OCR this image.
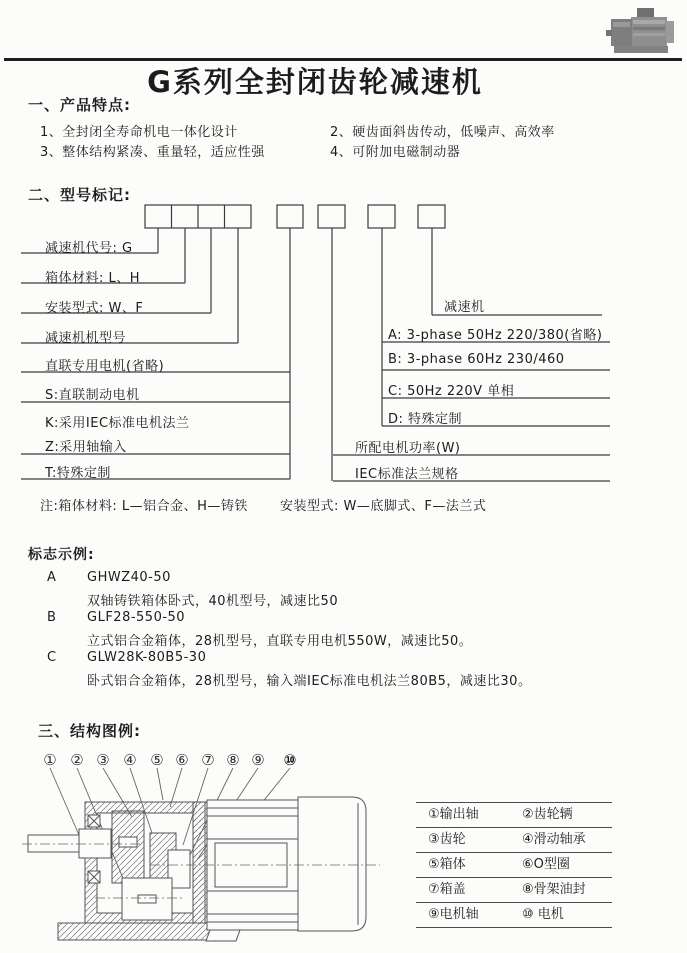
G系列全封闭齿轮减速机
一、产品特点:
1、全封闭全寿命机电一体化设计	2、硬齿面斜齿传动，低噪声、高效率
3、整体结构紧凑、重量轻，适应性强	4、可附加电磁制动器
二、型号标记:
减速机代号: G
箱体材料: L、H
安装型式: W、F
减速机机型号
直联专用电机(省略)
S:直联制动电机
K:采用IEC标准电机法兰
Z:采用轴输入
T:特殊定制
减速机
A: 3-phase 50Hz 220/380(省略)
B: 3-phase 60Hz 230/460
C: 50Hz 220V 单相
D: 特殊定制
所配电机功率(W)
IEC标准法兰规格
注:箱体材料: L—铝合金、H—铸铁 安装型式: W—底脚式、F—法兰式
标志示例:
A GHWZ40-50
双轴铸铁箱体卧式，40机型号，减速比50
B GLF28-550-50
立式铝合金箱体，28机型号，直联专用电机550W，减速比50。
C GLW28K-80B5-30
卧式铝合金箱体，28机型号，输入端IEC标准电机法兰80B5，减速比30。
三、结构图例:
① ② ③ ④ ⑤ ⑥ ⑦ ⑧ ⑨ ⑩
①输出轴	②齿轮辆
③齿轮	④滑动轴承
⑤箱体	⑥O型圈
⑦箱盖	⑧骨架油封
⑨电机轴	⑩ 电机
